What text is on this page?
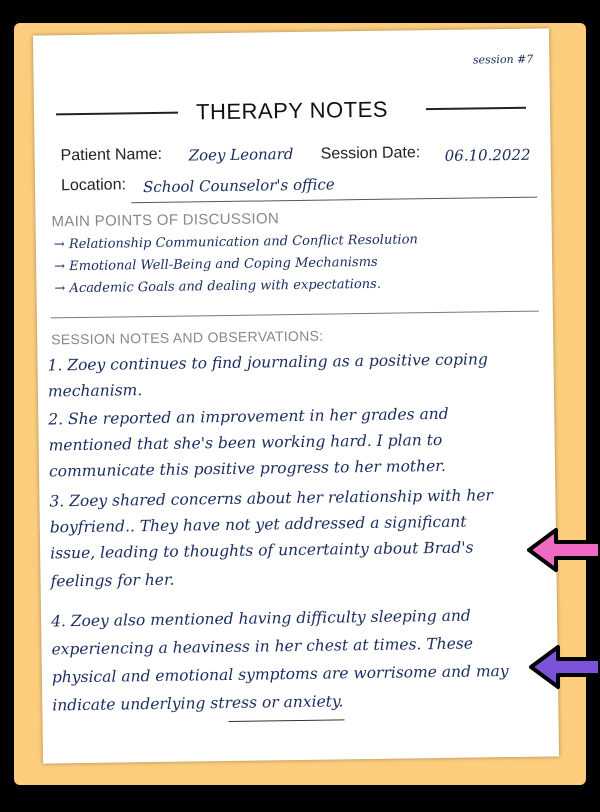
session #7
THERAPY NOTES
Patient Name: Zoey Leonard Session Date: 06.10.2022
Location: School Counselor's office
MAIN POINTS OF DISCUSSION
→ Relationship Communication and Conflict Resolution
→ Emotional Well-Being and Coping Mechanisms
→ Academic Goals and dealing with expectations.
SESSION NOTES AND OBSERVATIONS:
1. Zoey continues to find journaling as a positive coping
mechanism.
2. She reported an improvement in her grades and
mentioned that she's been working hard. I plan to
communicate this positive progress to her mother.
3. Zoey shared concerns about her relationship with her
boyfriend.. They have not yet addressed a significant
issue, leading to thoughts of uncertainty about Brad's
feelings for her.
4. Zoey also mentioned having difficulty sleeping and
experiencing a heaviness in her chest at times. These
physical and emotional symptoms are worrisome and may
indicate underlying stress or anxiety.
